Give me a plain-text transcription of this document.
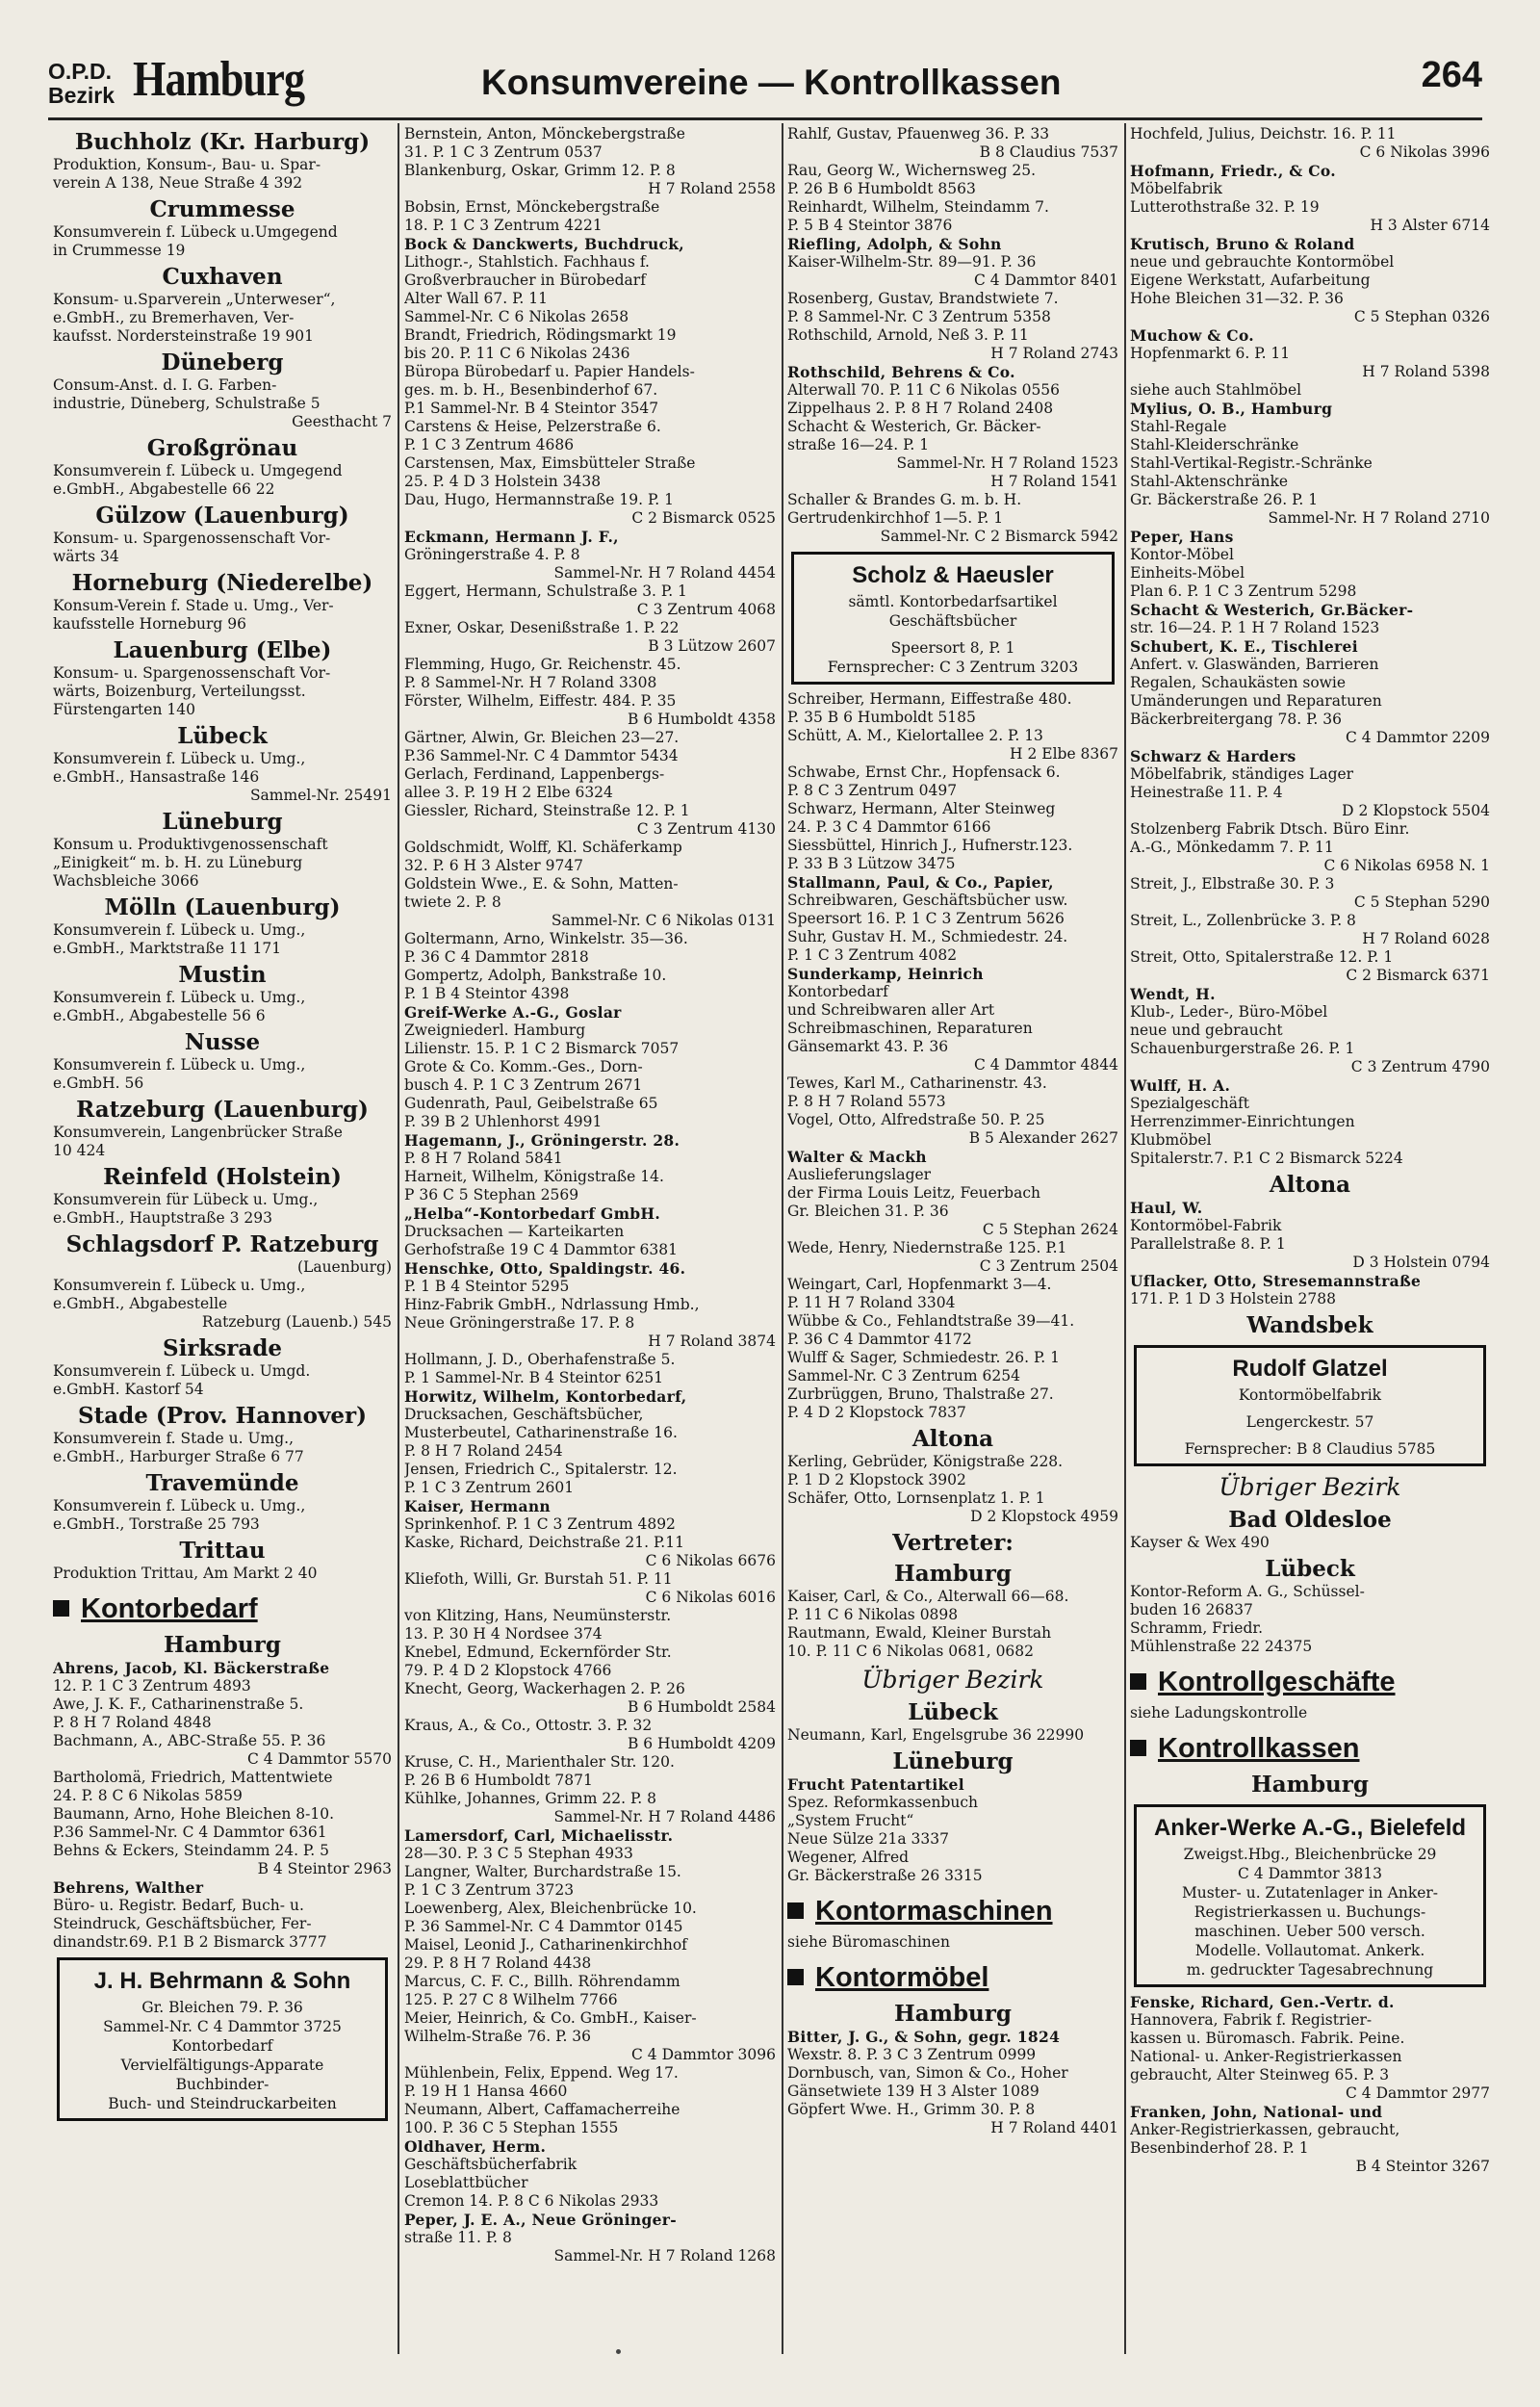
O.P.D.
Bezirk Hamburg	Konsumvereine — Kontrollkassen	264
Buchholz (Kr. Harburg)
Produktion, Konsum-, Bau- u. Spar-
verein A 138, Neue Straße 4 392
Crummesse
Konsumverein f. Lübeck u.Umgegend
in Crummesse 19
Cuxhaven
Konsum- u.Sparverein „Unterweser“,
e.GmbH., zu Bremerhaven, Ver-
kaufsst. Nordersteinstraße 19 901
Düneberg
Consum-Anst. d. I. G. Farben-
industrie, Düneberg, Schulstraße 5
Geesthacht 7
Großgrönau
Konsumverein f. Lübeck u. Umgegend
e.GmbH., Abgabestelle 66 22
Gülzow (Lauenburg)
Konsum- u. Spargenossenschaft Vor-
wärts 34
Horneburg (Niederelbe)
Konsum-Verein f. Stade u. Umg., Ver-
kaufsstelle Horneburg 96
Lauenburg (Elbe)
Konsum- u. Spargenossenschaft Vor-
wärts, Boizenburg, Verteilungsst.
Fürstengarten 140
Lübeck
Konsumverein f. Lübeck u. Umg.,
e.GmbH., Hansastraße 146
Sammel-Nr. 25491
Lüneburg
Konsum u. Produktivgenossenschaft
„Einigkeit“ m. b. H. zu Lüneburg
Wachsbleiche 3066
Mölln (Lauenburg)
Konsumverein f. Lübeck u. Umg.,
e.GmbH., Marktstraße 11 171
Mustin
Konsumverein f. Lübeck u. Umg.,
e.GmbH., Abgabestelle 56 6
Nusse
Konsumverein f. Lübeck u. Umg.,
e.GmbH. 56
Ratzeburg (Lauenburg)
Konsumverein, Langenbrücker Straße
10 424
Reinfeld (Holstein)
Konsumverein für Lübeck u. Umg.,
e.GmbH., Hauptstraße 3 293
Schlagsdorf P. Ratzeburg
(Lauenburg)
Konsumverein f. Lübeck u. Umg.,
e.GmbH., Abgabestelle
Ratzeburg (Lauenb.) 545
Sirksrade
Konsumverein f. Lübeck u. Umgd.
e.GmbH. Kastorf 54
Stade (Prov. Hannover)
Konsumverein f. Stade u. Umg.,
e.GmbH., Harburger Straße 6 77
Travemünde
Konsumverein f. Lübeck u. Umg.,
e.GmbH., Torstraße 25 793
Trittau
Produktion Trittau, Am Markt 2 40
Kontorbedarf
Hamburg
Ahrens, Jacob, Kl. Bäckerstraße
12. P. 1 C 3 Zentrum 4893
Awe, J. K. F., Catharinenstraße 5.
P. 8 H 7 Roland 4848
Bachmann, A., ABC-Straße 55. P. 36
C 4 Dammtor 5570
Bartholomä, Friedrich, Mattentwiete
24. P. 8 C 6 Nikolas 5859
Baumann, Arno, Hohe Bleichen 8-10.
P.36 Sammel-Nr. C 4 Dammtor 6361
Behns & Eckers, Steindamm 24. P. 5
B 4 Steintor 2963
Behrens, Walther
Büro- u. Registr. Bedarf, Buch- u.
Steindruck, Geschäftsbücher, Fer-
dinandstr.69. P.1 B 2 Bismarck 3777
J. H. Behrmann & Sohn
Gr. Bleichen 79. P. 36
Sammel-Nr. C 4 Dammtor 3725
Kontorbedarf
Vervielfältigungs-Apparate
Buchbinder-
Buch- und Steindruckarbeiten
Bernstein, Anton, Mönckebergstraße
31. P. 1 C 3 Zentrum 0537
Blankenburg, Oskar, Grimm 12. P. 8
H 7 Roland 2558
Bobsin, Ernst, Mönckebergstraße
18. P. 1 C 3 Zentrum 4221
Bock & Danckwerts, Buchdruck,
Lithogr.-, Stahlstich. Fachhaus f.
Großverbraucher in Bürobedarf
Alter Wall 67. P. 11
Sammel-Nr. C 6 Nikolas 2658
Brandt, Friedrich, Rödingsmarkt 19
bis 20. P. 11 C 6 Nikolas 2436
Büropa Bürobedarf u. Papier Handels-
ges. m. b. H., Besenbinderhof 67.
P.1 Sammel-Nr. B 4 Steintor 3547
Carstens & Heise, Pelzerstraße 6.
P. 1 C 3 Zentrum 4686
Carstensen, Max, Eimsbütteler Straße
25. P. 4 D 3 Holstein 3438
Dau, Hugo, Hermannstraße 19. P. 1
C 2 Bismarck 0525
Eckmann, Hermann J. F.,
Gröningerstraße 4. P. 8
Sammel-Nr. H 7 Roland 4454
Eggert, Hermann, Schulstraße 3. P. 1
C 3 Zentrum 4068
Exner, Oskar, Desenißstraße 1. P. 22
B 3 Lützow 2607
Flemming, Hugo, Gr. Reichenstr. 45.
P. 8 Sammel-Nr. H 7 Roland 3308
Förster, Wilhelm, Eiffestr. 484. P. 35
B 6 Humboldt 4358
Gärtner, Alwin, Gr. Bleichen 23—27.
P.36 Sammel-Nr. C 4 Dammtor 5434
Gerlach, Ferdinand, Lappenbergs-
allee 3. P. 19 H 2 Elbe 6324
Giessler, Richard, Steinstraße 12. P. 1
C 3 Zentrum 4130
Goldschmidt, Wolff, Kl. Schäferkamp
32. P. 6 H 3 Alster 9747
Goldstein Wwe., E. & Sohn, Matten-
twiete 2. P. 8
Sammel-Nr. C 6 Nikolas 0131
Goltermann, Arno, Winkelstr. 35—36.
P. 36 C 4 Dammtor 2818
Gompertz, Adolph, Bankstraße 10.
P. 1 B 4 Steintor 4398
Greif-Werke A.-G., Goslar
Zweigniederl. Hamburg
Lilienstr. 15. P. 1 C 2 Bismarck 7057
Grote & Co. Komm.-Ges., Dorn-
busch 4. P. 1 C 3 Zentrum 2671
Gudenrath, Paul, Geibelstraße 65
P. 39 B 2 Uhlenhorst 4991
Hagemann, J., Gröningerstr. 28.
P. 8 H 7 Roland 5841
Harneit, Wilhelm, Königstraße 14.
P 36 C 5 Stephan 2569
„Helba“-Kontorbedarf GmbH.
Drucksachen — Karteikarten
Gerhofstraße 19 C 4 Dammtor 6381
Henschke, Otto, Spaldingstr. 46.
P. 1 B 4 Steintor 5295
Hinz-Fabrik GmbH., Ndrlassung Hmb.,
Neue Gröningerstraße 17. P. 8
H 7 Roland 3874
Hollmann, J. D., Oberhafenstraße 5.
P. 1 Sammel-Nr. B 4 Steintor 6251
Horwitz, Wilhelm, Kontorbedarf,
Drucksachen, Geschäftsbücher,
Musterbeutel, Catharinenstraße 16.
P. 8 H 7 Roland 2454
Jensen, Friedrich C., Spitalerstr. 12.
P. 1 C 3 Zentrum 2601
Kaiser, Hermann
Sprinkenhof. P. 1 C 3 Zentrum 4892
Kaske, Richard, Deichstraße 21. P.11
C 6 Nikolas 6676
Kliefoth, Willi, Gr. Burstah 51. P. 11
C 6 Nikolas 6016
von Klitzing, Hans, Neumünsterstr.
13. P. 30 H 4 Nordsee 374
Knebel, Edmund, Eckernförder Str.
79. P. 4 D 2 Klopstock 4766
Knecht, Georg, Wackerhagen 2. P. 26
B 6 Humboldt 2584
Kraus, A., & Co., Ottostr. 3. P. 32
B 6 Humboldt 4209
Kruse, C. H., Marienthaler Str. 120.
P. 26 B 6 Humboldt 7871
Kühlke, Johannes, Grimm 22. P. 8
Sammel-Nr. H 7 Roland 4486
Lamersdorf, Carl, Michaelisstr.
28—30. P. 3 C 5 Stephan 4933
Langner, Walter, Burchardstraße 15.
P. 1 C 3 Zentrum 3723
Loewenberg, Alex, Bleichenbrücke 10.
P. 36 Sammel-Nr. C 4 Dammtor 0145
Maisel, Leonid J., Catharinenkirchhof
29. P. 8 H 7 Roland 4438
Marcus, C. F. C., Billh. Röhrendamm
125. P. 27 C 8 Wilhelm 7766
Meier, Heinrich, & Co. GmbH., Kaiser-
Wilhelm-Straße 76. P. 36
C 4 Dammtor 3096
Mühlenbein, Felix, Eppend. Weg 17.
P. 19 H 1 Hansa 4660
Neumann, Albert, Caffamacherreihe
100. P. 36 C 5 Stephan 1555
Oldhaver, Herm.
Geschäftsbücherfabrik
Loseblattbücher
Cremon 14. P. 8 C 6 Nikolas 2933
Peper, J. E. A., Neue Gröninger-
straße 11. P. 8
Sammel-Nr. H 7 Roland 1268
Rahlf, Gustav, Pfauenweg 36. P. 33
B 8 Claudius 7537
Rau, Georg W., Wichernsweg 25.
P. 26 B 6 Humboldt 8563
Reinhardt, Wilhelm, Steindamm 7.
P. 5 B 4 Steintor 3876
Riefling, Adolph, & Sohn
Kaiser-Wilhelm-Str. 89—91. P. 36
C 4 Dammtor 8401
Rosenberg, Gustav, Brandstwiete 7.
P. 8 Sammel-Nr. C 3 Zentrum 5358
Rothschild, Arnold, Neß 3. P. 11
H 7 Roland 2743
Rothschild, Behrens & Co.
Alterwall 70. P. 11 C 6 Nikolas 0556
Zippelhaus 2. P. 8 H 7 Roland 2408
Schacht & Westerich, Gr. Bäcker-
straße 16—24. P. 1
Sammel-Nr. H 7 Roland 1523
H 7 Roland 1541
Schaller & Brandes G. m. b. H.
Gertrudenkirchhof 1—5. P. 1
Sammel-Nr. C 2 Bismarck 5942
Scholz & Haeusler
sämtl. Kontorbedarfsartikel
Geschäftsbücher
Speersort 8, P. 1
Fernsprecher: C 3 Zentrum 3203
Schreiber, Hermann, Eiffestraße 480.
P. 35 B 6 Humboldt 5185
Schütt, A. M., Kielortallee 2. P. 13
H 2 Elbe 8367
Schwabe, Ernst Chr., Hopfensack 6.
P. 8 C 3 Zentrum 0497
Schwarz, Hermann, Alter Steinweg
24. P. 3 C 4 Dammtor 6166
Siessbüttel, Hinrich J., Hufnerstr.123.
P. 33 B 3 Lützow 3475
Stallmann, Paul, & Co., Papier,
Schreibwaren, Geschäftsbücher usw.
Speersort 16. P. 1 C 3 Zentrum 5626
Suhr, Gustav H. M., Schmiedestr. 24.
P. 1 C 3 Zentrum 4082
Sunderkamp, Heinrich
Kontorbedarf
und Schreibwaren aller Art
Schreibmaschinen, Reparaturen
Gänsemarkt 43. P. 36
C 4 Dammtor 4844
Tewes, Karl M., Catharinenstr. 43.
P. 8 H 7 Roland 5573
Vogel, Otto, Alfredstraße 50. P. 25
B 5 Alexander 2627
Walter & Mackh
Auslieferungslager
der Firma Louis Leitz, Feuerbach
Gr. Bleichen 31. P. 36
C 5 Stephan 2624
Wede, Henry, Niedernstraße 125. P.1
C 3 Zentrum 2504
Weingart, Carl, Hopfenmarkt 3—4.
P. 11 H 7 Roland 3304
Wübbe & Co., Fehlandtstraße 39—41.
P. 36 C 4 Dammtor 4172
Wulff & Sager, Schmiedestr. 26. P. 1
Sammel-Nr. C 3 Zentrum 6254
Zurbrüggen, Bruno, Thalstraße 27.
P. 4 D 2 Klopstock 7837
Altona
Kerling, Gebrüder, Königstraße 228.
P. 1 D 2 Klopstock 3902
Schäfer, Otto, Lornsenplatz 1. P. 1
D 2 Klopstock 4959
Vertreter:
Hamburg
Kaiser, Carl, & Co., Alterwall 66—68.
P. 11 C 6 Nikolas 0898
Rautmann, Ewald, Kleiner Burstah
10. P. 11 C 6 Nikolas 0681, 0682
Übriger Bezirk
Lübeck
Neumann, Karl, Engelsgrube 36 22990
Lüneburg
Frucht Patentartikel
Spez. Reformkassenbuch
„System Frucht“
Neue Sülze 21a 3337
Wegener, Alfred
Gr. Bäckerstraße 26 3315
Kontormaschinen
siehe Büromaschinen
Kontormöbel
Hamburg
Bitter, J. G., & Sohn, gegr. 1824
Wexstr. 8. P. 3 C 3 Zentrum 0999
Dornbusch, van, Simon & Co., Hoher
Gänsetwiete 139 H 3 Alster 1089
Göpfert Wwe. H., Grimm 30. P. 8
H 7 Roland 4401
Hochfeld, Julius, Deichstr. 16. P. 11
C 6 Nikolas 3996
Hofmann, Friedr., & Co.
Möbelfabrik
Lutterothstraße 32. P. 19
H 3 Alster 6714
Krutisch, Bruno & Roland
neue und gebrauchte Kontormöbel
Eigene Werkstatt, Aufarbeitung
Hohe Bleichen 31—32. P. 36
C 5 Stephan 0326
Muchow & Co.
Hopfenmarkt 6. P. 11
H 7 Roland 5398
siehe auch Stahlmöbel
Mylius, O. B., Hamburg
Stahl-Regale
Stahl-Kleiderschränke
Stahl-Vertikal-Registr.-Schränke
Stahl-Aktenschränke
Gr. Bäckerstraße 26. P. 1
Sammel-Nr. H 7 Roland 2710
Peper, Hans
Kontor-Möbel
Einheits-Möbel
Plan 6. P. 1 C 3 Zentrum 5298
Schacht & Westerich, Gr.Bäcker-
str. 16—24. P. 1 H 7 Roland 1523
Schubert, K. E., Tischlerei
Anfert. v. Glaswänden, Barrieren
Regalen, Schaukästen sowie
Umänderungen und Reparaturen
Bäckerbreitergang 78. P. 36
C 4 Dammtor 2209
Schwarz & Harders
Möbelfabrik, ständiges Lager
Heinestraße 11. P. 4
D 2 Klopstock 5504
Stolzenberg Fabrik Dtsch. Büro Einr.
A.-G., Mönkedamm 7. P. 11
C 6 Nikolas 6958 N. 1
Streit, J., Elbstraße 30. P. 3
C 5 Stephan 5290
Streit, L., Zollenbrücke 3. P. 8
H 7 Roland 6028
Streit, Otto, Spitalerstraße 12. P. 1
C 2 Bismarck 6371
Wendt, H.
Klub-, Leder-, Büro-Möbel
neue und gebraucht
Schauenburgerstraße 26. P. 1
C 3 Zentrum 4790
Wulff, H. A.
Spezialgeschäft
Herrenzimmer-Einrichtungen
Klubmöbel
Spitalerstr.7. P.1 C 2 Bismarck 5224
Altona
Haul, W.
Kontormöbel-Fabrik
Parallelstraße 8. P. 1
D 3 Holstein 0794
Uflacker, Otto, Stresemannstraße
171. P. 1 D 3 Holstein 2788
Wandsbek
Rudolf Glatzel
Kontormöbelfabrik
Lengerckestr. 57
Fernsprecher: B 8 Claudius 5785
Übriger Bezirk
Bad Oldesloe
Kayser & Wex 490
Lübeck
Kontor-Reform A. G., Schüssel-
buden 16 26837
Schramm, Friedr.
Mühlenstraße 22 24375
Kontrollgeschäfte
siehe Ladungskontrolle
Kontrollkassen
Hamburg
Anker-Werke A.-G., Bielefeld
Zweigst.Hbg., Bleichenbrücke 29
C 4 Dammtor 3813
Muster- u. Zutatenlager in Anker-
Registrierkassen u. Buchungs-
maschinen. Ueber 500 versch.
Modelle. Vollautomat. Ankerk.
m. gedruckter Tagesabrechnung
Fenske, Richard, Gen.-Vertr. d.
Hannovera, Fabrik f. Registrier-
kassen u. Büromasch. Fabrik. Peine.
National- u. Anker-Registrierkassen
gebraucht, Alter Steinweg 65. P. 3
C 4 Dammtor 2977
Franken, John, National- und
Anker-Registrierkassen, gebraucht,
Besenbinderhof 28. P. 1
B 4 Steintor 3267
